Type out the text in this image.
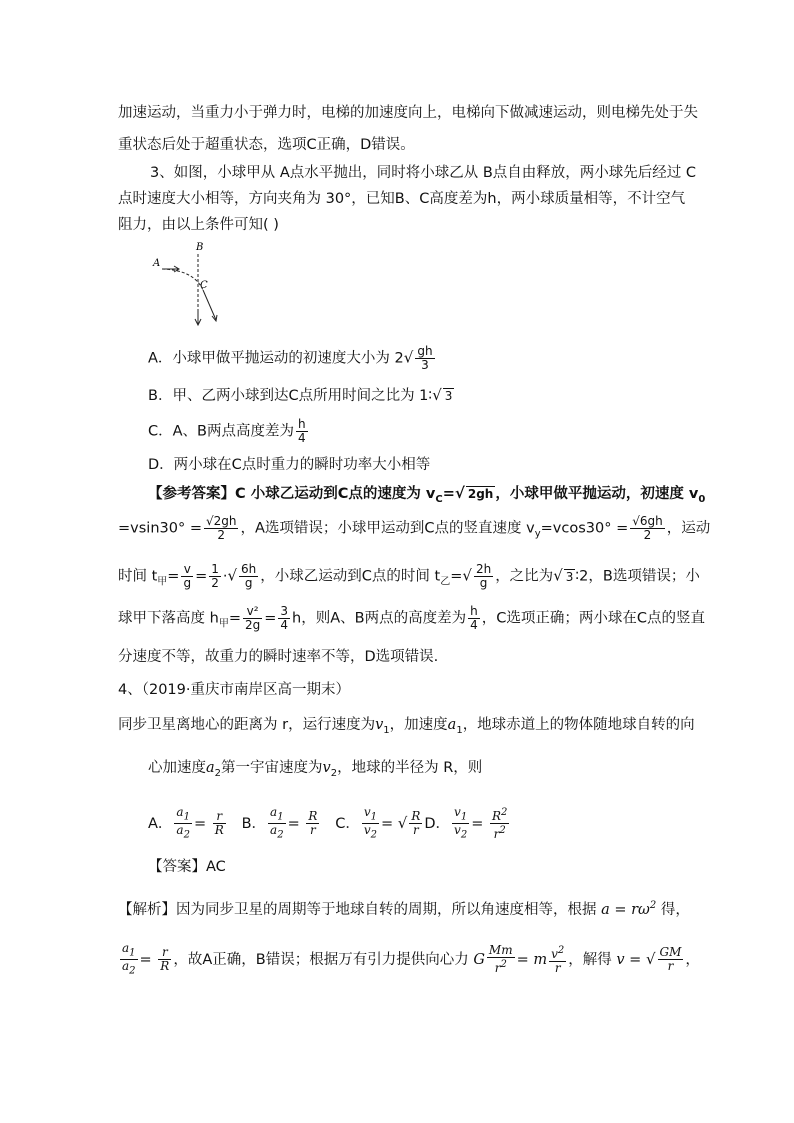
加速运动，当重力小于弹力时，电梯的加速度向上，电梯向下做减速运动，则电梯先处于失
重状态后处于超重状态，选项C正确，D错误。
3、如图，小球甲从 A点水平抛出，同时将小球乙从 B点自由释放，两小球先后经过 C
点时速度大小相等，方向夹角为 30°，已知B、C高度差为h，两小球质量相等，不计空气
阻力，由以上条件可知( )
B
A
C
A．小球甲做平抛运动的初速度大小为 $2√ \frac{gh}{3}$
B．甲、乙两小球到达C点所用时间之比为 1∶√ 3
C．A、B两点高度差为 $\frac{h}{4}$
D．两小球在C点时重力的瞬时功率大小相等
【参考答案】C 小球乙运动到C点的速度为 $v_C=√$ 2gh ，小球甲做平抛运动，初速度 $v_0$
$=vsin30^\circ = \frac{√2gh}{2}$ ，A选项错误；小球甲运动到C点的竖直速度 $v_y=vcos30^\circ = \frac{√6gh}{2}$ ，运动
时间 $t_甲= \frac{v}{g} = \frac{1}{2}$ ·√ $\frac{6h}{g}$ ，小球乙运动到C点的时间 $t_乙=√ \frac{2h}{g}$ ，之比为√ 3 ∶2，B选项错误；小
球甲下落高度 $h_甲= \frac{\text{v²}}{2g} = \frac{3}{4}$ h，则A、B两点的高度差为 $\frac{h}{4}$ ，C选项正确；两小球在C点的竖直
分速度不等，故重力的瞬时速率不等，D选项错误.
4、（2019·重庆市南岸区高一期末）
同步卫星离地心的距离为 r，运行速度为$v_1$，加速度$a_1$，地球赤道上的物体随地球自转的向
心加速度$a_2$第一宇宙速度为$v_2$，地球的半径为 R，则
A． $\frac{a_1}{a_2} = \frac{r}{R}$ B． $\frac{a_1}{a_2} = \frac{R}{r}$ C． $\frac{v_1}{v_2}$ = √ $\frac{R}{r}$ D． $\frac{v_1}{v_2} = \frac{R^2}{r^2}$
【答案】AC
【解析】因为同步卫星的周期等于地球自转的周期，所以角速度相等，根据 $a = r\omega^2$ 得，
$\frac{a_1}{a_2} = \frac{r}{R}$ ，故A正确，B错误；根据万有引力提供向心力 G $\frac{Mm}{r^2} = m \frac{v^2}{r}$ ，解得 v = √ $\frac{GM}{r}$ ，
